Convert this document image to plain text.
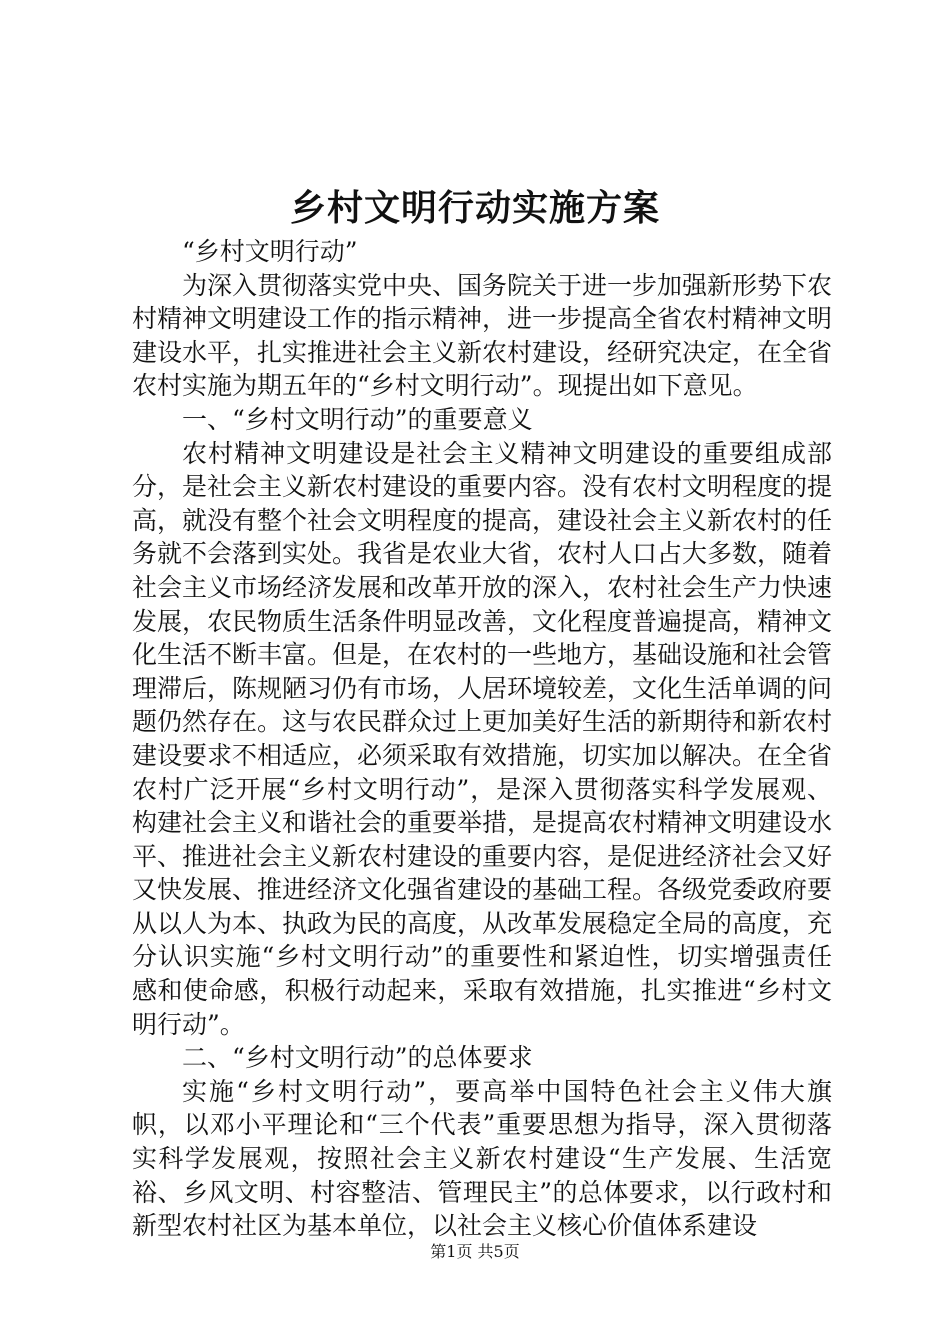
乡村文明行动实施方案

“乡村文明行动”

为深入贯彻落实党中央、国务院关于进一步加强新形势下农村精神文明建设工作的指示精神，进一步提高全省农村精神文明建设水平，扎实推进社会主义新农村建设，经研究决定，在全省农村实施为期五年的“乡村文明行动”。现提出如下意见。

一、“乡村文明行动”的重要意义

农村精神文明建设是社会主义精神文明建设的重要组成部分，是社会主义新农村建设的重要内容。没有农村文明程度的提高，就没有整个社会文明程度的提高，建设社会主义新农村的任务就不会落到实处。我省是农业大省，农村人口占大多数，随着社会主义市场经济发展和改革开放的深入，农村社会生产力快速发展，农民物质生活条件明显改善，文化程度普遍提高，精神文化生活不断丰富。但是，在农村的一些地方，基础设施和社会管理滞后，陈规陋习仍有市场，人居环境较差，文化生活单调的问题仍然存在。这与农民群众过上更加美好生活的新期待和新农村建设要求不相适应，必须采取有效措施，切实加以解决。在全省农村广泛开展“乡村文明行动”，是深入贯彻落实科学发展观、构建社会主义和谐社会的重要举措，是提高农村精神文明建设水平、推进社会主义新农村建设的重要内容，是促进经济社会又好又快发展、推进经济文化强省建设的基础工程。各级党委政府要从以人为本、执政为民的高度，从改革发展稳定全局的高度，充分认识实施“乡村文明行动”的重要性和紧迫性，切实增强责任感和使命感，积极行动起来，采取有效措施，扎实推进“乡村文明行动”。

二、“乡村文明行动”的总体要求

实施“乡村文明行动”，要高举中国特色社会主义伟大旗帜，以邓小平理论和“三个代表”重要思想为指导，深入贯彻落实科学发展观，按照社会主义新农村建设“生产发展、生活宽裕、乡风文明、村容整洁、管理民主”的总体要求，以行政村和新型农村社区为基本单位，以社会主义核心价值体系建设

第1页 共5页
